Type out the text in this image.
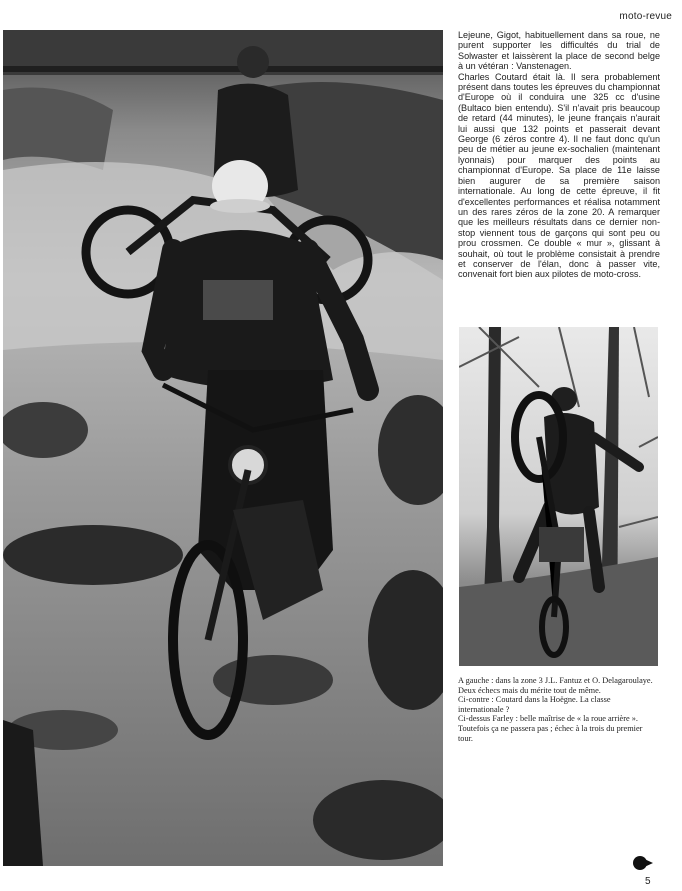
moto-revue

Lejeune, Gigot, habituellement dans sa roue, ne purent supporter les difficultés du trial de Solwaster et laissèrent la place de second belge à un vétéran : Vanstenagen.

Charles Coutard était là. Il sera probablement présent dans toutes les épreuves du championnat d'Europe où il conduira une 325 cc d'usine (Bultaco bien entendu). S'il n'avait pris beaucoup de retard (44 minutes), le jeune français n'aurait lui aussi que 132 points et passerait devant George (6 zéros contre 4). Il ne faut donc qu'un peu de métier au jeune ex-sochalien (maintenant lyonnais) pour marquer des points au championnat d'Europe. Sa place de 11e laisse bien augurer de sa première saison internationale. Au long de cette épreuve, il fit d'excellentes performances et réalisa notamment un des rares zéros de la zone 20. A remarquer que les meilleurs résultats dans ce dernier non-stop viennent tous de garçons qui sont peu ou prou crossmen. Ce double « mur », glissant à souhait, où tout le problème consistait à prendre et conserver de l'élan, donc à passer vite, convenait fort bien aux pilotes de moto-cross.

A gauche : dans la zone 3 J.L. Fantuz et O. Delagaroulaye. Deux échecs mais du mérite tout de même.

Ci-contre : Coutard dans la Hoëgne. La classe internationale ?

Ci-dessus Farley : belle maîtrise de « la roue arrière ». Toutefois ça ne passera pas ; échec à la trois du premier tour.

5
